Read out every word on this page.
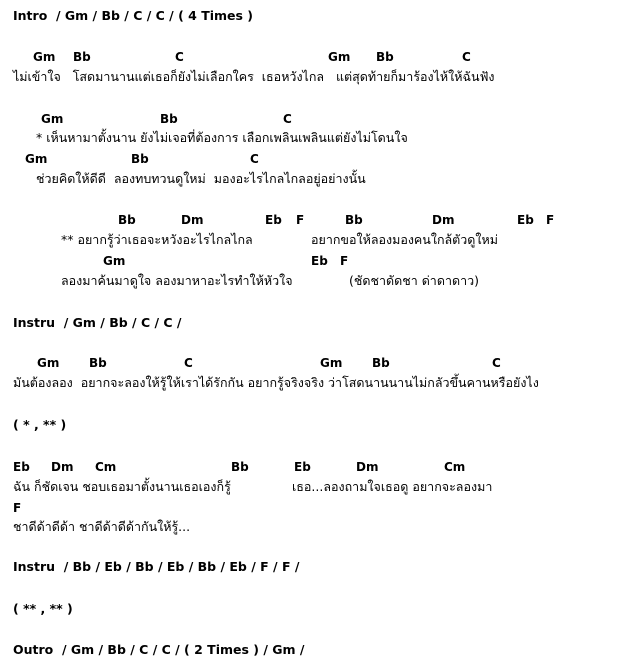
Intro  / Gm / Bb / C / C / ( 4 Times )
Gm Bb	C	Gm Bb	C
ไม่เข้าใจ   โสดมานานแต่เธอก็ยังไม่เลือกใคร  เธอหวังไกล   แต่สุดท้ายก็มาร้องไห้ให้ฉันฟัง
Gm	Bb	C
* เห็นหามาตั้งนาน ยังไม่เจอที่ต้องการ เลือกเพลินเพลินแต่ยังไม่โดนใจ
Gm	Bb	C
ช่วยคิดให้ดีดี  ลองทบทวนดูใหม่  มองอะไรไกลไกลอยู่อย่างนั้น
Bb	Dm	Eb F	Bb	Dm	Eb F
** อยากรู้ว่าเธอจะหวังอะไรไกลไกล	อยากขอให้ลองมองคนใกล้ตัวดูใหม่
Gm	Eb F
ลองมาค้นมาดูใจ ลองมาหาอะไรทำให้หัวใจ	(ชัดชาดัดชา ด่าดาดาว)
Instru  / Gm / Bb / C / C /
Gm Bb	C	Gm Bb	C
มันต้องลอง  อยากจะลองให้รู้ให้เราได้รักกัน อยากรู้จริงจริง ว่าโสดนานนานไม่กลัวขึ้นคานหรือยังไง
( * , ** )
Eb Dm Cm	Bb	Eb	Dm	Cm
ฉัน ก็ชัดเจน ชอบเธอมาตั้งนานเธอเองก็รู้	เธอ...ลองถามใจเธอดู อยากจะลองมา
F
ชาดีด้าดีด้า ชาดีด้าดีด้ากันให้รู้...
Instru  / Bb / Eb / Bb / Eb / Bb / Eb / F / F /
( ** , ** )
Outro  / Gm / Bb / C / C / ( 2 Times ) / Gm /
